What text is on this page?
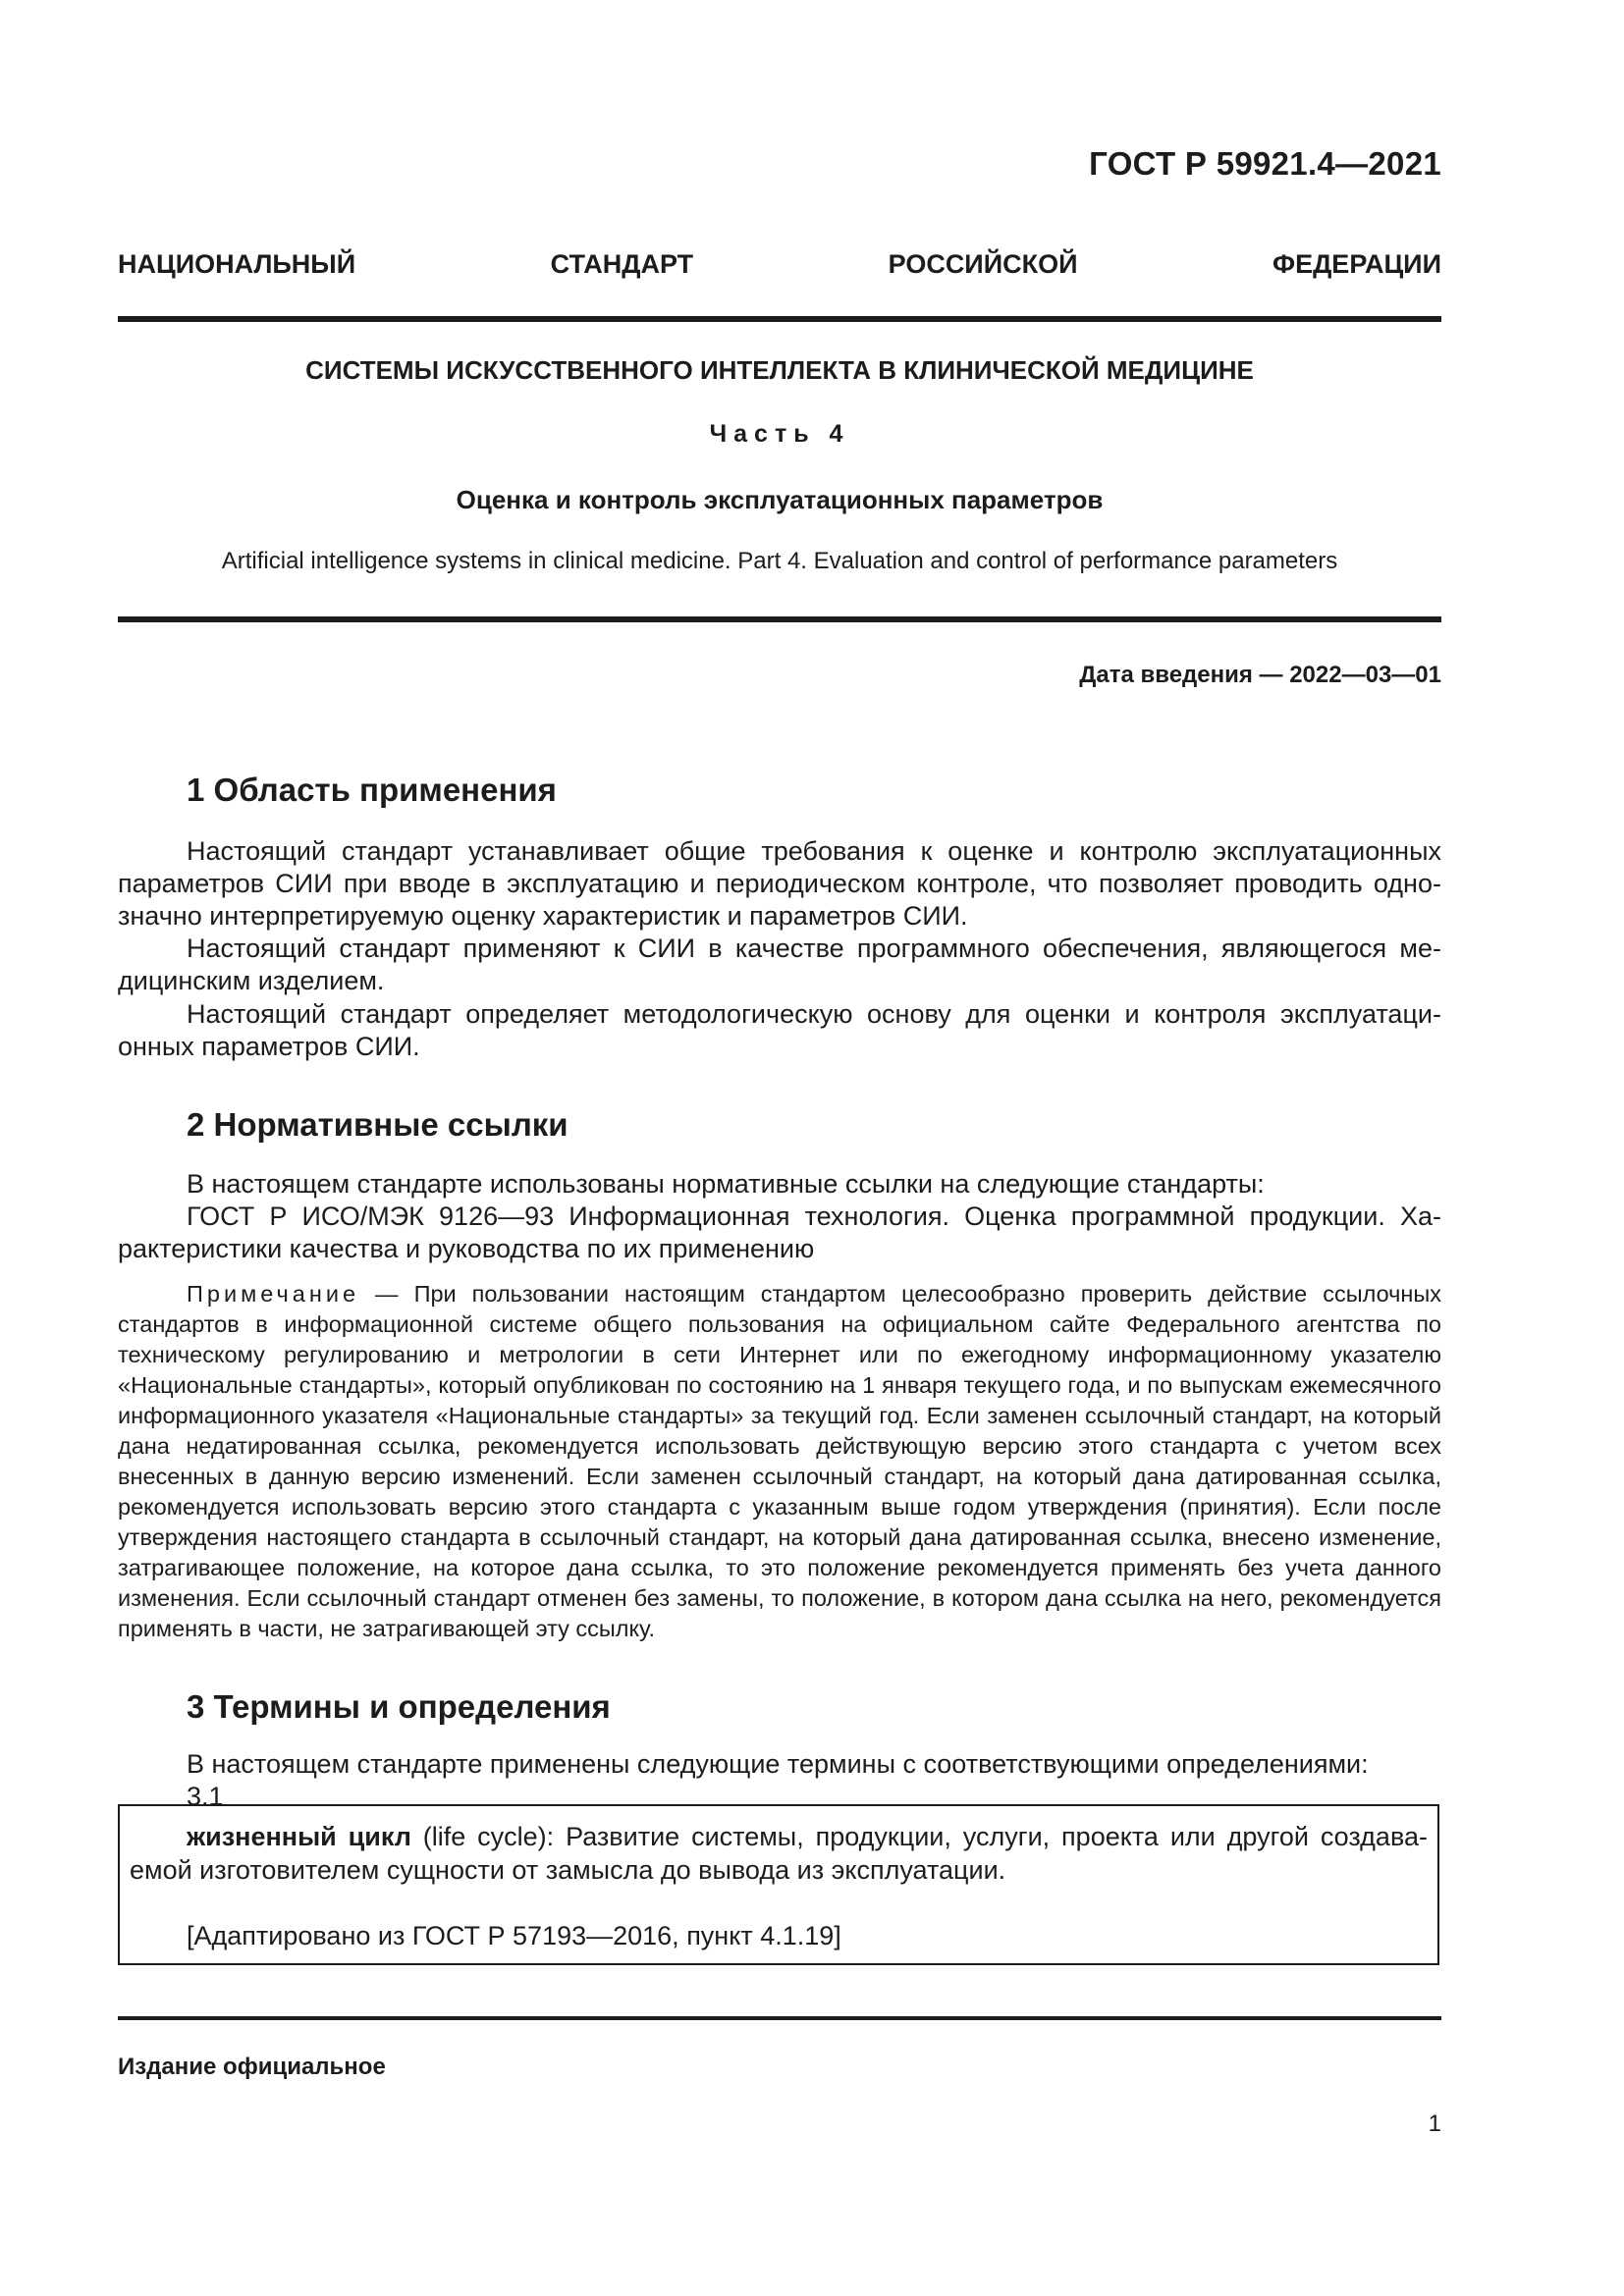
ГОСТ Р 59921.4—2021
НАЦИОНАЛЬНЫЙ СТАНДАРТ РОССИЙСКОЙ ФЕДЕРАЦИИ
СИСТЕМЫ ИСКУССТВЕННОГО ИНТЕЛЛЕКТА В КЛИНИЧЕСКОЙ МЕДИЦИНЕ
Часть 4
Оценка и контроль эксплуатационных параметров
Artificial intelligence systems in clinical medicine. Part 4. Evaluation and control of performance parameters
Дата введения — 2022—03—01
1 Область применения
Настоящий стандарт устанавливает общие требования к оценке и контролю эксплуатационных параметров СИИ при вводе в эксплуатацию и периодическом контроле, что позволяет проводить однозначно интерпретируемую оценку характеристик и параметров СИИ.
Настоящий стандарт применяют к СИИ в качестве программного обеспечения, являющегося медицинским изделием.
Настоящий стандарт определяет методологическую основу для оценки и контроля эксплуатационных параметров СИИ.
2 Нормативные ссылки
В настоящем стандарте использованы нормативные ссылки на следующие стандарты:
ГОСТ Р ИСО/МЭК 9126—93 Информационная технология. Оценка программной продукции. Характеристики качества и руководства по их применению
Примечание — При пользовании настоящим стандартом целесообразно проверить действие ссылочных стандартов в информационной системе общего пользования на официальном сайте Федерального агентства по техническому регулированию и метрологии в сети Интернет или по ежегодному информационному указателю «Национальные стандарты», который опубликован по состоянию на 1 января текущего года, и по выпускам ежемесячного информационного указателя «Национальные стандарты» за текущий год. Если заменен ссылочный стандарт, на который дана недатированная ссылка, рекомендуется использовать действующую версию этого стандарта с учетом всех внесенных в данную версию изменений. Если заменен ссылочный стандарт, на который дана датированная ссылка, рекомендуется использовать версию этого стандарта с указанным выше годом утверждения (принятия). Если после утверждения настоящего стандарта в ссылочный стандарт, на который дана датированная ссылка, внесено изменение, затрагивающее положение, на которое дана ссылка, то это положение рекомендуется применять без учета данного изменения. Если ссылочный стандарт отменен без замены, то положение, в котором дана ссылка на него, рекомендуется применять в части, не затрагивающей эту ссылку.
3 Термины и определения
В настоящем стандарте применены следующие термины с соответствующими определениями:
3.1
жизненный цикл (life cycle): Развитие системы, продукции, услуги, проекта или другой создаваемой изготовителем сущности от замысла до вывода из эксплуатации.
[Адаптировано из ГОСТ Р 57193—2016, пункт 4.1.19]
Издание официальное
1
